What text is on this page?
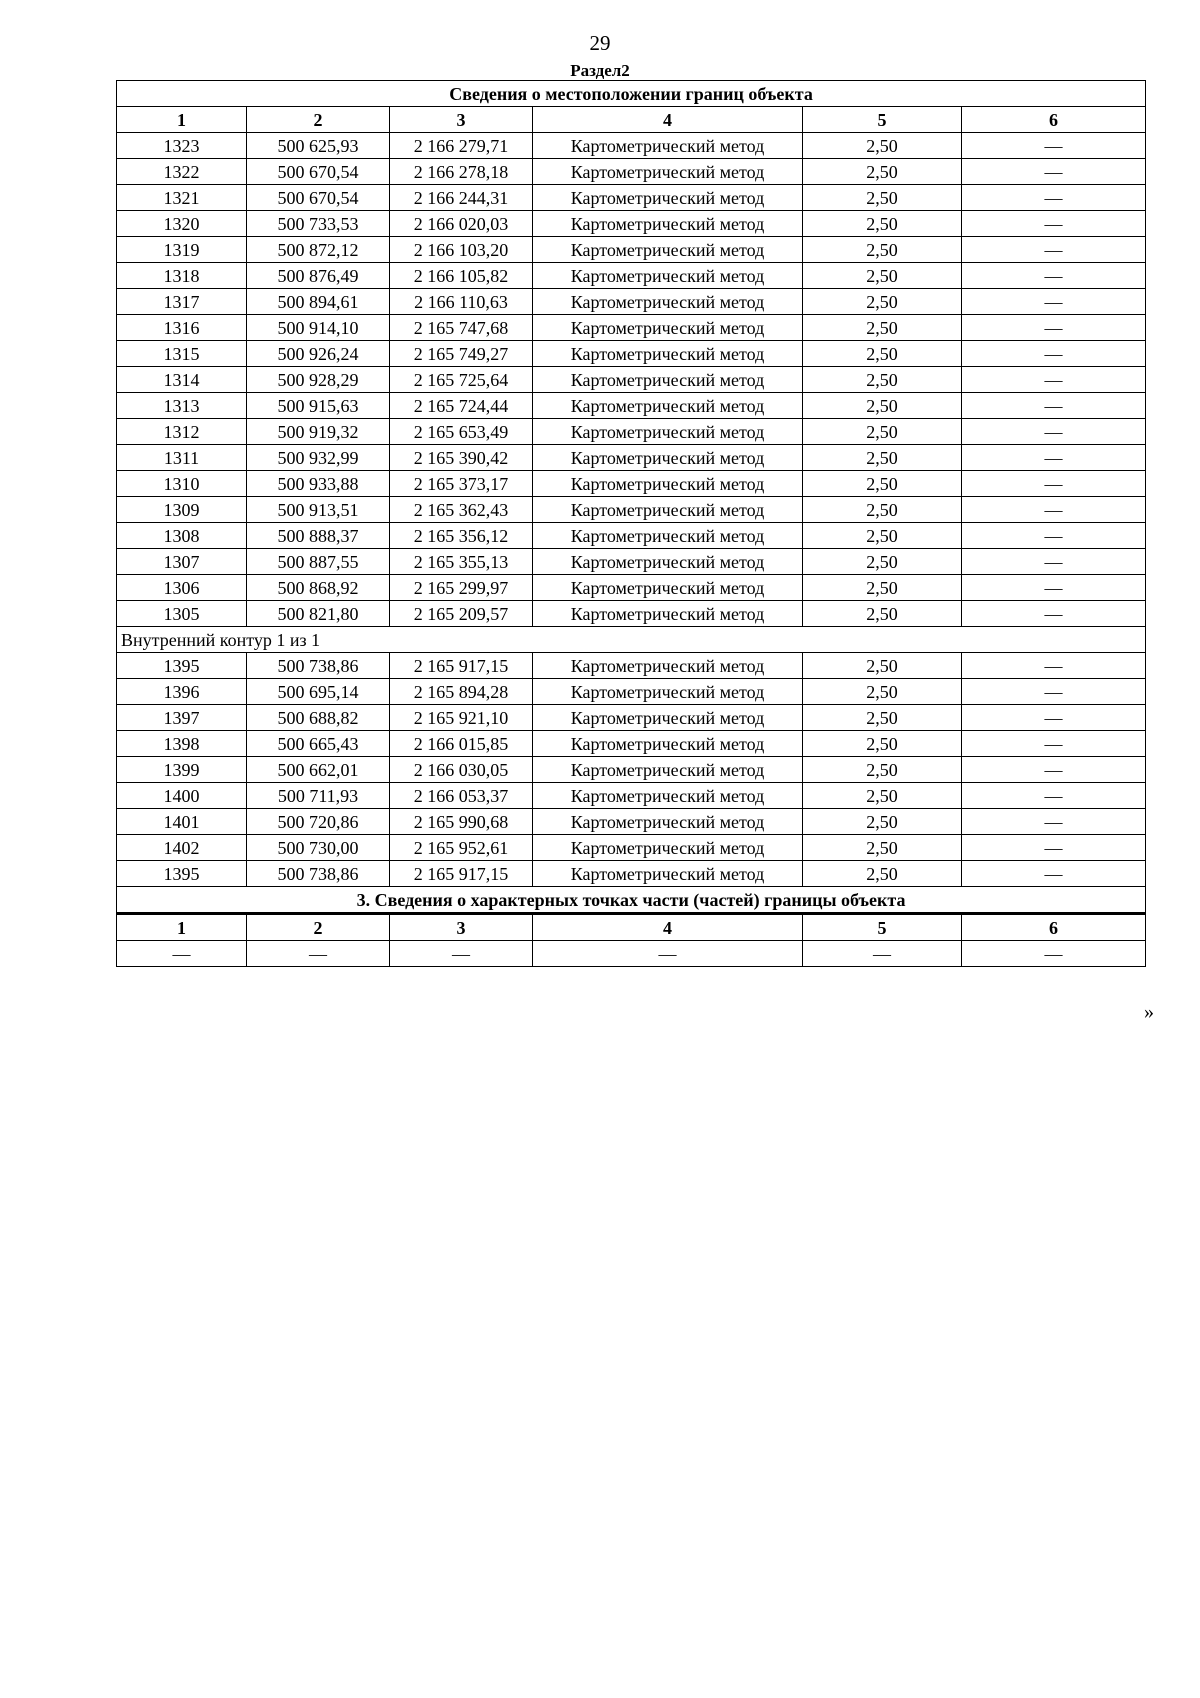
29
Раздел2
Сведения о местоположении границ объекта					
1	2	3	4	5	6
1323	500 625,93	2 166 279,71	Картометрический метод	2,50	—
1322	500 670,54	2 166 278,18	Картометрический метод	2,50	—
1321	500 670,54	2 166 244,31	Картометрический метод	2,50	—
1320	500 733,53	2 166 020,03	Картометрический метод	2,50	—
1319	500 872,12	2 166 103,20	Картометрический метод	2,50	—
1318	500 876,49	2 166 105,82	Картометрический метод	2,50	—
1317	500 894,61	2 166 110,63	Картометрический метод	2,50	—
1316	500 914,10	2 165 747,68	Картометрический метод	2,50	—
1315	500 926,24	2 165 749,27	Картометрический метод	2,50	—
1314	500 928,29	2 165 725,64	Картометрический метод	2,50	—
1313	500 915,63	2 165 724,44	Картометрический метод	2,50	—
1312	500 919,32	2 165 653,49	Картометрический метод	2,50	—
1311	500 932,99	2 165 390,42	Картометрический метод	2,50	—
1310	500 933,88	2 165 373,17	Картометрический метод	2,50	—
1309	500 913,51	2 165 362,43	Картометрический метод	2,50	—
1308	500 888,37	2 165 356,12	Картометрический метод	2,50	—
1307	500 887,55	2 165 355,13	Картометрический метод	2,50	—
1306	500 868,92	2 165 299,97	Картометрический метод	2,50	—
1305	500 821,80	2 165 209,57	Картометрический метод	2,50	—
Внутренний контур 1 из 1					
1395	500 738,86	2 165 917,15	Картометрический метод	2,50	—
1396	500 695,14	2 165 894,28	Картометрический метод	2,50	—
1397	500 688,82	2 165 921,10	Картометрический метод	2,50	—
1398	500 665,43	2 166 015,85	Картометрический метод	2,50	—
1399	500 662,01	2 166 030,05	Картометрический метод	2,50	—
1400	500 711,93	2 166 053,37	Картометрический метод	2,50	—
1401	500 720,86	2 165 990,68	Картометрический метод	2,50	—
1402	500 730,00	2 165 952,61	Картометрический метод	2,50	—
1395	500 738,86	2 165 917,15	Картометрический метод	2,50	—
3. Сведения о характерных точках части (частей) границы объекта					
1	2	3	4	5	6
—	—	—	—	—	—
»
